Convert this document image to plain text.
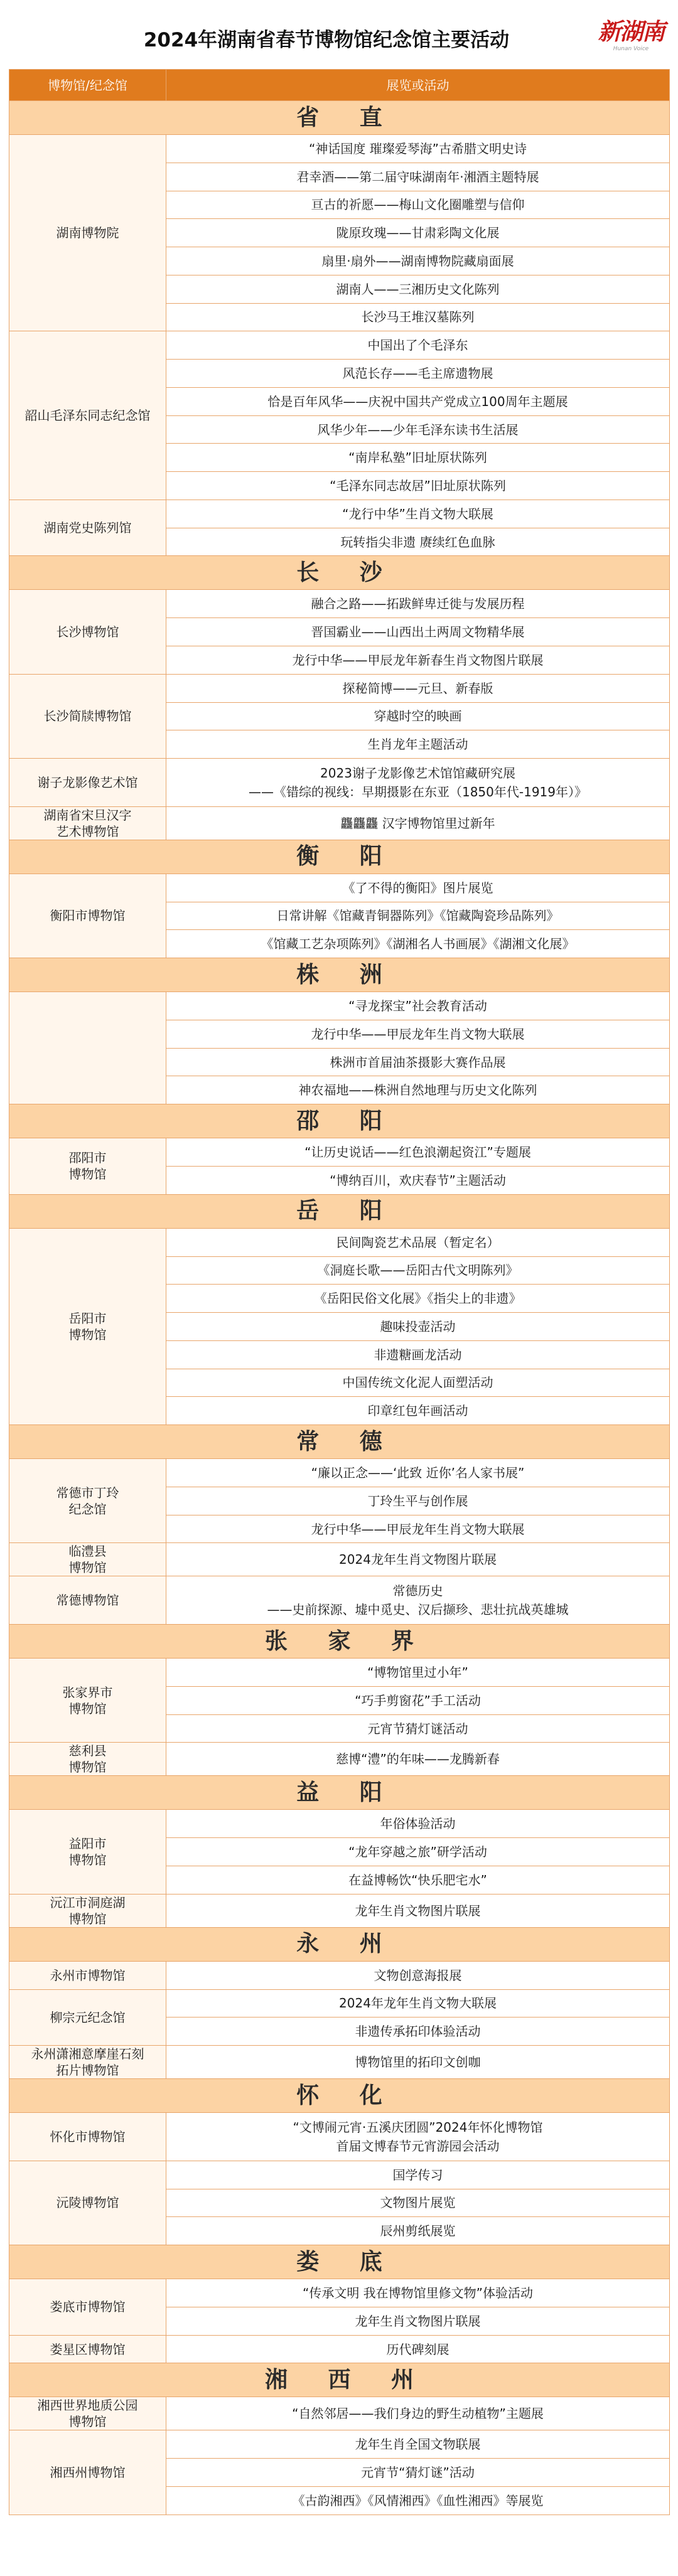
2024年湖南省春节博物馆纪念馆主要活动	新湖南
Hunan Voice
博物馆/纪念馆	展览或活动
省 直	
湖南博物院	“神话国度 璀璨爱琴海”古希腊文明史诗
	君幸酒——第二届守味湖南年·湘酒主题特展
	亘古的祈愿——梅山文化圈雕塑与信仰
	陇原玫瑰——甘肃彩陶文化展
	扇里·扇外——湖南博物院藏扇面展
	湖南人——三湘历史文化陈列
	长沙马王堆汉墓陈列
韶山毛泽东同志纪念馆	中国出了个毛泽东
	风范长存——毛主席遗物展
	恰是百年风华——庆祝中国共产党成立100周年主题展
	风华少年——少年毛泽东读书生活展
	“南岸私塾”旧址原状陈列
	“毛泽东同志故居”旧址原状陈列
湖南党史陈列馆	“龙行中华”生肖文物大联展
	玩转指尖非遗 赓续红色血脉
长 沙	
长沙博物馆	融合之路——拓跋鲜卑迁徙与发展历程
	晋国霸业——山西出土两周文物精华展
	龙行中华——甲辰龙年新春生肖文物图片联展
长沙简牍博物馆	探秘简博——元旦、新春版
	穿越时空的映画
	生肖龙年主题活动
谢子龙影像艺术馆	2023谢子龙影像艺术馆馆藏研究展
——《错综的视线：早期摄影在东亚（1850年代-1919年）》
湖南省宋旦汉字
艺术博物馆	龘龘龘 汉字博物馆里过新年
衡 阳	
衡阳市博物馆	《了不得的衡阳》图片展览
	日常讲解《馆藏青铜器陈列》《馆藏陶瓷珍品陈列》
	《馆藏工艺杂项陈列》《湖湘名人书画展》《湖湘文化展》
株 洲	
	“寻龙探宝”社会教育活动
	龙行中华——甲辰龙年生肖文物大联展
	株洲市首届油茶摄影大赛作品展
	神农福地——株洲自然地理与历史文化陈列
邵 阳	
邵阳市
博物馆	“让历史说话——红色浪潮起资江”专题展
	“博纳百川，欢庆春节”主题活动
岳 阳	
岳阳市
博物馆	民间陶瓷艺术品展（暂定名）
	《洞庭长歌——岳阳古代文明陈列》
	《岳阳民俗文化展》《指尖上的非遗》
	趣味投壶活动
	非遗糖画龙活动
	中国传统文化泥人面塑活动
	印章红包年画活动
常 德	
常德市丁玲
纪念馆	“廉以正念——‘此致 近你’名人家书展”
	丁玲生平与创作展
	龙行中华——甲辰龙年生肖文物大联展
临澧县
博物馆	2024龙年生肖文物图片联展
常德博物馆	常德历史
——史前探源、墟中觅史、汉后撷珍、悲壮抗战英雄城
张 家 界	
张家界市
博物馆	“博物馆里过小年”
	“巧手剪窗花”手工活动
	元宵节猜灯谜活动
慈利县
博物馆	慈博“澧”的年味——龙腾新春
益 阳	
益阳市
博物馆	年俗体验活动
	“龙年穿越之旅”研学活动
	在益博畅饮“快乐肥宅水”
沅江市洞庭湖
博物馆	龙年生肖文物图片联展
永 州	
永州市博物馆	文物创意海报展
柳宗元纪念馆	2024年龙年生肖文物大联展
	非遗传承拓印体验活动
永州潇湘意摩崖石刻
拓片博物馆	博物馆里的拓印文创咖
怀 化	
怀化市博物馆	“文博闹元宵·五溪庆团圆”2024年怀化博物馆
首届文博春节元宵游园会活动
沅陵博物馆	国学传习
	文物图片展览
	辰州剪纸展览
娄 底	
娄底市博物馆	“传承文明 我在博物馆里修文物”体验活动
	龙年生肖文物图片联展
娄星区博物馆	历代碑刻展
湘 西 州	
湘西世界地质公园
博物馆	“自然邻居——我们身边的野生动植物”主题展
湘西州博物馆	龙年生肖全国文物联展
	元宵节“猜灯谜”活动
	《古韵湘西》《风情湘西》《血性湘西》等展览
